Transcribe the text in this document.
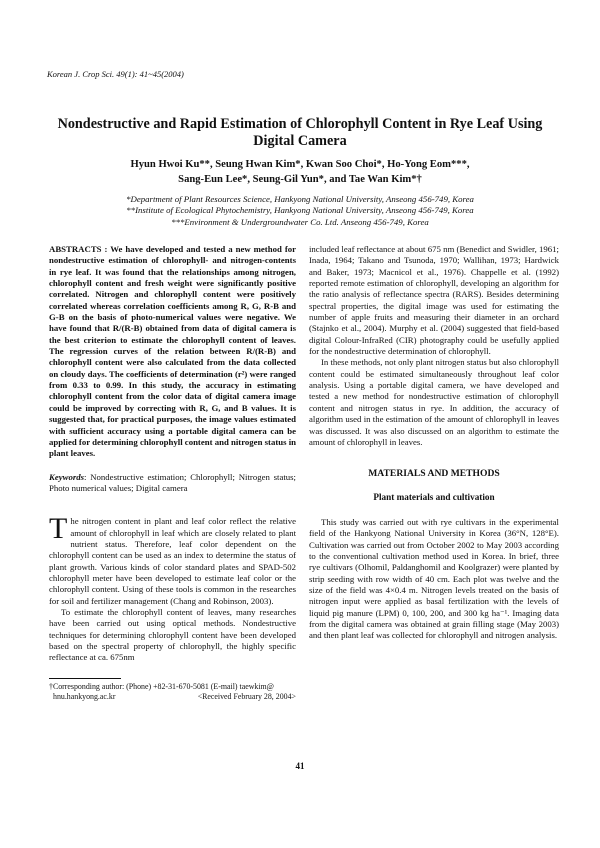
Korean J. Crop Sci. 49(1): 41~45(2004)
Nondestructive and Rapid Estimation of Chlorophyll Content in Rye Leaf Using Digital Camera
Hyun Hwoi Ku**, Seung Hwan Kim*, Kwan Soo Choi*, Ho-Yong Eom***,
Sang-Eun Lee*, Seung-Gil Yun*, and Tae Wan Kim*†
*Department of Plant Resources Science, Hankyong National University, Anseong 456-749, Korea
**Institute of Ecological Phytochemistry, Hankyong National University, Anseong 456-749, Korea
***Environment & Undergroundwater Co. Ltd. Anseong 456-749, Korea

ABSTRACTS : We have developed and tested a new method for nondestructive estimation of chlorophyll- and nitrogen-contents in rye leaf. It was found that the relationships among nitrogen, chlorophyll content and fresh weight were significantly positive correlated. Nitrogen and chlorophyll content were positively correlated whereas correlation coefficients among R, G, R-B and G-B on the basis of photo-numerical values were negative. We have found that R/(R-B) obtained from data of digital camera is the best criterion to estimate the chlorophyll content of leaves. The regression curves of the relation between R/(R-B) and chlorophyll content were also calculated from the data collected on cloudy days. The coefficients of determination (r²) were ranged from 0.33 to 0.99. In this study, the accuracy in estimating chlorophyll content from the color data of digital camera image could be improved by correcting with R, G, and B values. It is suggested that, for practical purposes, the image values estimated with sufficient accuracy using a portable digital camera can be applied for determining chlorophyll content and nitrogen status in plant leaves.

Keywords: Nondestructive estimation; Chlorophyll; Nitrogen status; Photo numerical values; Digital camera

The nitrogen content in plant and leaf color reflect the relative amount of chlorophyll in leaf which are closely related to plant nutrient status. Therefore, leaf color dependent on the chlorophyll content can be used as an index to determine the status of plant growth. Various kinds of color standard plates and SPAD-502 chlorophyll meter have been developed to estimate leaf color or the chlorophyll content. Using of these tools is common in the researches for soil and fertilizer management (Chang and Robinson, 2003).

To estimate the chlorophyll content of leaves, many researches have been carried out using optical methods. Nondestructive techniques for determining chlorophyll content have been developed based on the spectral property of chlorophyll, the highly specific reflectance at ca. 675nm

†Corresponding author: (Phone) +82-31-670-5081 (E-mail) taewkim@
hnu.hankyong.ac.kr	<Received February 28, 2004>

included leaf reflectance at about 675 nm (Benedict and Swidler, 1961; Inada, 1964; Takano and Tsunoda, 1970; Wallihan, 1973; Hardwick and Baker, 1973; Macnicol et al., 1976). Chappelle et al. (1992) reported remote estimation of chlorophyll, developing an algorithm for the ratio analysis of reflectance spectra (RARS). Besides determining spectral properties, the digital image was used for estimating the number of apple fruits and measuring their diameter in an orchard (Stajnko et al., 2004). Murphy et al. (2004) suggested that field-based digital Colour-InfraRed (CIR) photography could be usefully applied for the nondestructive determination of chlorophyll.

In these methods, not only plant nitrogen status but also chlorophyll content could be estimated simultaneously throughout leaf color analysis. Using a portable digital camera, we have developed and tested a new method for nondestructive estimation of chlorophyll content and nitrogen status in rye. In addition, the accuracy of algorithm used in the estimation of the amount of chlorophyll in leaves was discussed. It was also discussed on an algorithm to estimate the amount of chlorophyll in leaves.

MATERIALS AND METHODS
Plant materials and cultivation

This study was carried out with rye cultivars in the experimental field of the Hankyong National University in Korea (36°N, 128°E). Cultivation was carried out from October 2002 to May 2003 according to the conventional cultivation method used in Korea. In brief, three rye cultivars (Olhomil, Paldanghomil and Koolgrazer) were planted by strip seeding with row width of 40 cm. Each plot was twelve and the size of the field was 4×0.4 m. Nitrogen levels treated on the basis of nitrogen input were applied as basal fertilization with the levels of liquid pig manure (LPM) 0, 100, 200, and 300 kg ha⁻¹. Imaging data from the digital camera was obtained at grain filling stage (May 2003) and then plant leaf was collected for chlorophyll and nitrogen analysis.

41
